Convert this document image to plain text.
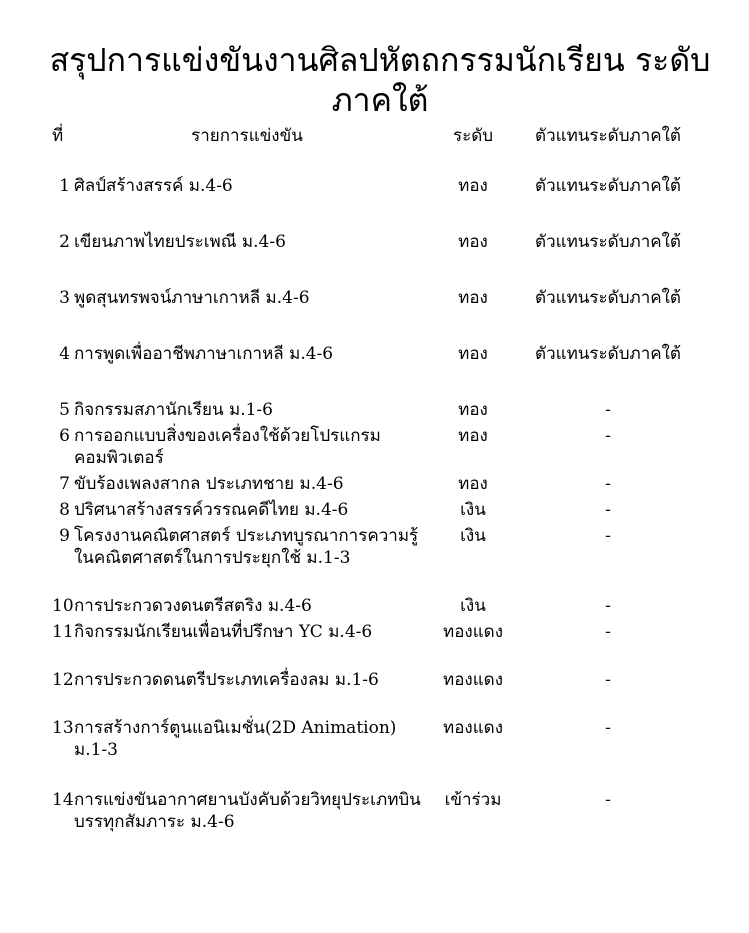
สรุปการแข่งขันงานศิลปหัตถกรรมนักเรียน ระดับภาคใต้
ที่	รายการแข่งขัน	ระดับ	ตัวแทนระดับภาคใต้
1	ศิลป์สร้างสรรค์ ม.4-6	ทอง	ตัวแทนระดับภาคใต้
2	เขียนภาพไทยประเพณี ม.4-6	ทอง	ตัวแทนระดับภาคใต้
3	พูดสุนทรพจน์ภาษาเกาหลี ม.4-6	ทอง	ตัวแทนระดับภาคใต้
4	การพูดเพื่ออาชีพภาษาเกาหลี ม.4-6	ทอง	ตัวแทนระดับภาคใต้
5	กิจกรรมสภานักเรียน ม.1-6	ทอง	-
6	การออกแบบสิ่งของเครื่องใช้ด้วยโปรแกรมคอมพิวเตอร์	ทอง	-
7	ขับร้องเพลงสากล ประเภทชาย ม.4-6	ทอง	-
8	ปริศนาสร้างสรรค์วรรณคดีไทย ม.4-6	เงิน	-
9	โครงงานคณิตศาสตร์ ประเภทบูรณาการความรู้ในคณิตศาสตร์ในการประยุกใช้ ม.1-3	เงิน	-
10	การประกวดวงดนตรีสตริง ม.4-6	เงิน	-
11	กิจกรรมนักเรียนเพื่อนที่ปรึกษา YC ม.4-6	ทองแดง	-
12	การประกวดดนตรีประเภทเครื่องลม ม.1-6	ทองแดง	-
13	การสร้างการ์ตูนแอนิเมชั่น(2D Animation) ม.1-3	ทองแดง	-
14	การแข่งขันอากาศยานบังคับด้วยวิทยุประเภทบินบรรทุกสัมภาระ ม.4-6	เข้าร่วม	-
